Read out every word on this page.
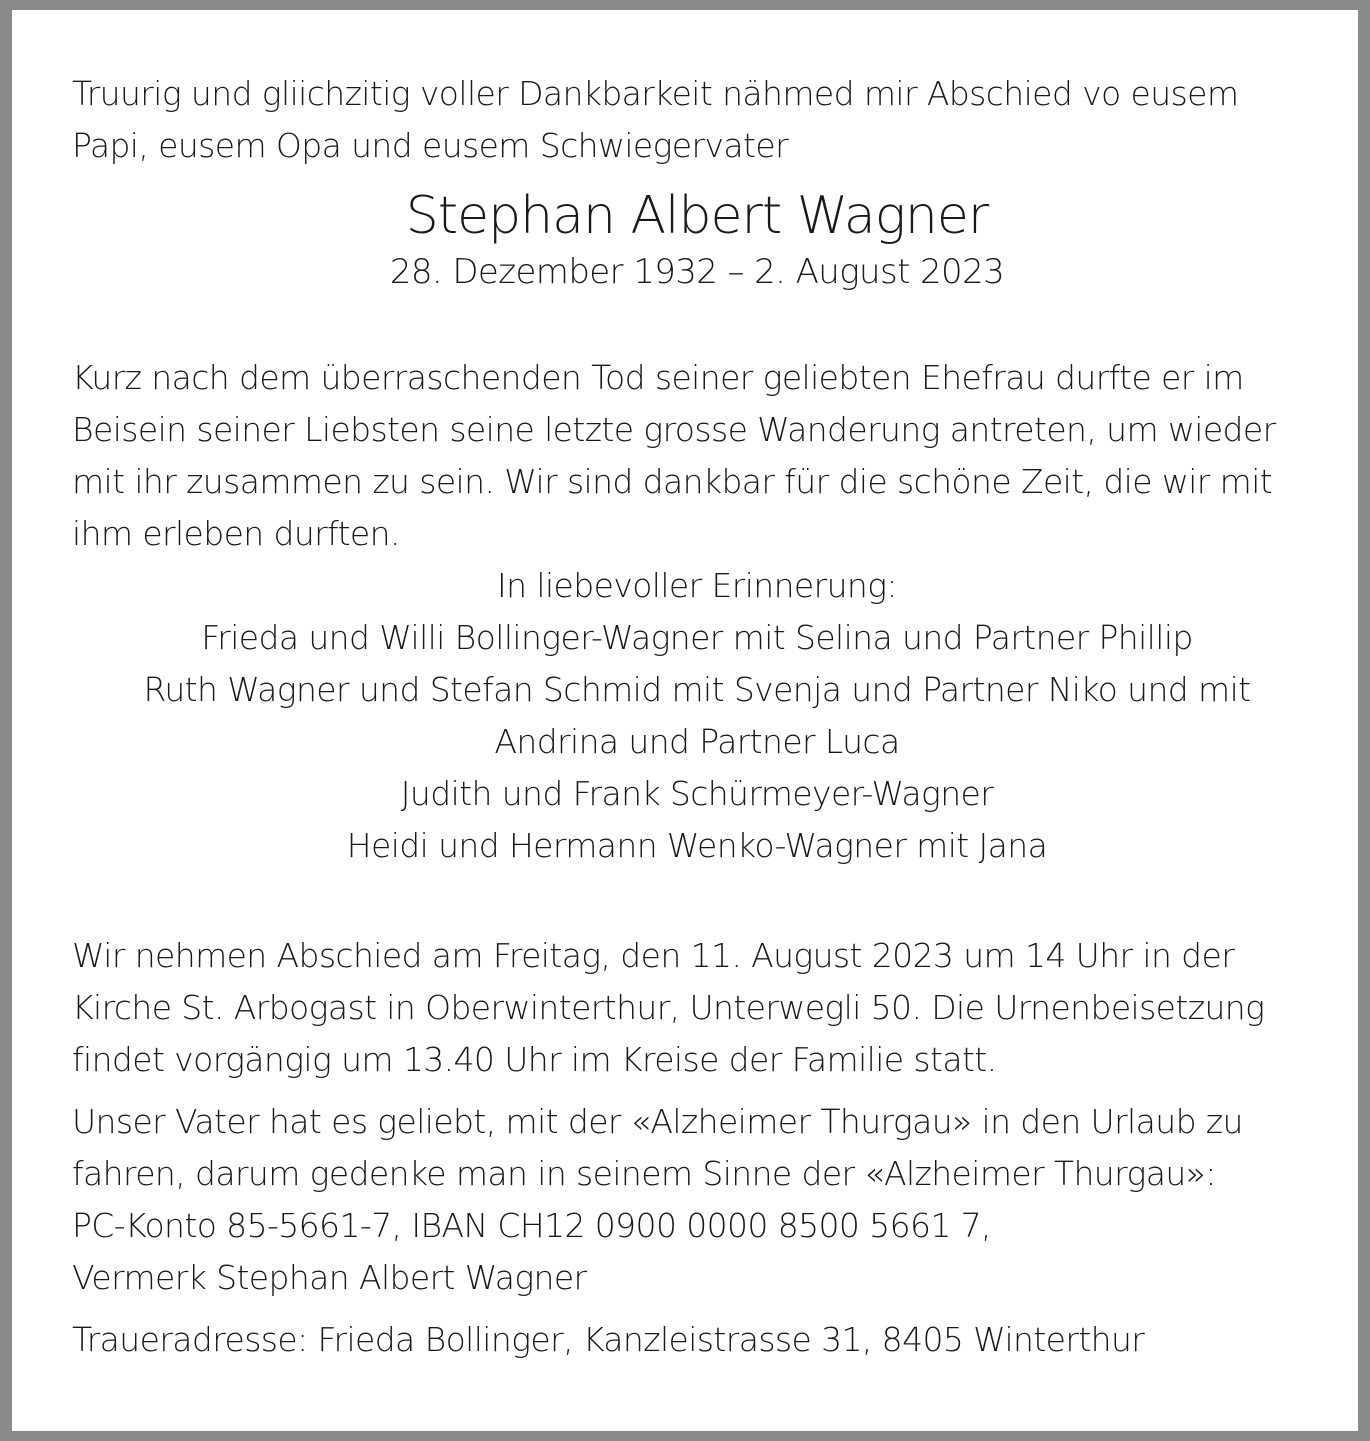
Truurig und gliichzitig voller Dankbarkeit nähmed mir Abschied vo eusem
Papi, eusem Opa und eusem Schwiegervater

Stephan Albert Wagner

28. Dezember 1932 – 2. August 2023

Kurz nach dem überraschenden Tod seiner geliebten Ehefrau durfte er im
Beisein seiner Liebsten seine letzte grosse Wanderung antreten, um wieder
mit ihr zusammen zu sein. Wir sind dankbar für die schöne Zeit, die wir mit
ihm erleben durften.

In liebevoller Erinnerung:
Frieda und Willi Bollinger-Wagner mit Selina und Partner Phillip
Ruth Wagner und Stefan Schmid mit Svenja und Partner Niko und mit
Andrina und Partner Luca
Judith und Frank Schürmeyer-Wagner
Heidi und Hermann Wenko-Wagner mit Jana

Wir nehmen Abschied am Freitag, den 11. August 2023 um 14 Uhr in der
Kirche St. Arbogast in Oberwinterthur, Unterwegli 50. Die Urnenbeisetzung
findet vorgängig um 13.40 Uhr im Kreise der Familie statt.

Unser Vater hat es geliebt, mit der «Alzheimer Thurgau» in den Urlaub zu
fahren, darum gedenke man in seinem Sinne der «Alzheimer Thurgau»:
PC-Konto 85-5661-7, IBAN CH12 0900 0000 8500 5661 7,
Vermerk Stephan Albert Wagner

Traueradresse: Frieda Bollinger, Kanzleistrasse 31, 8405 Winterthur
